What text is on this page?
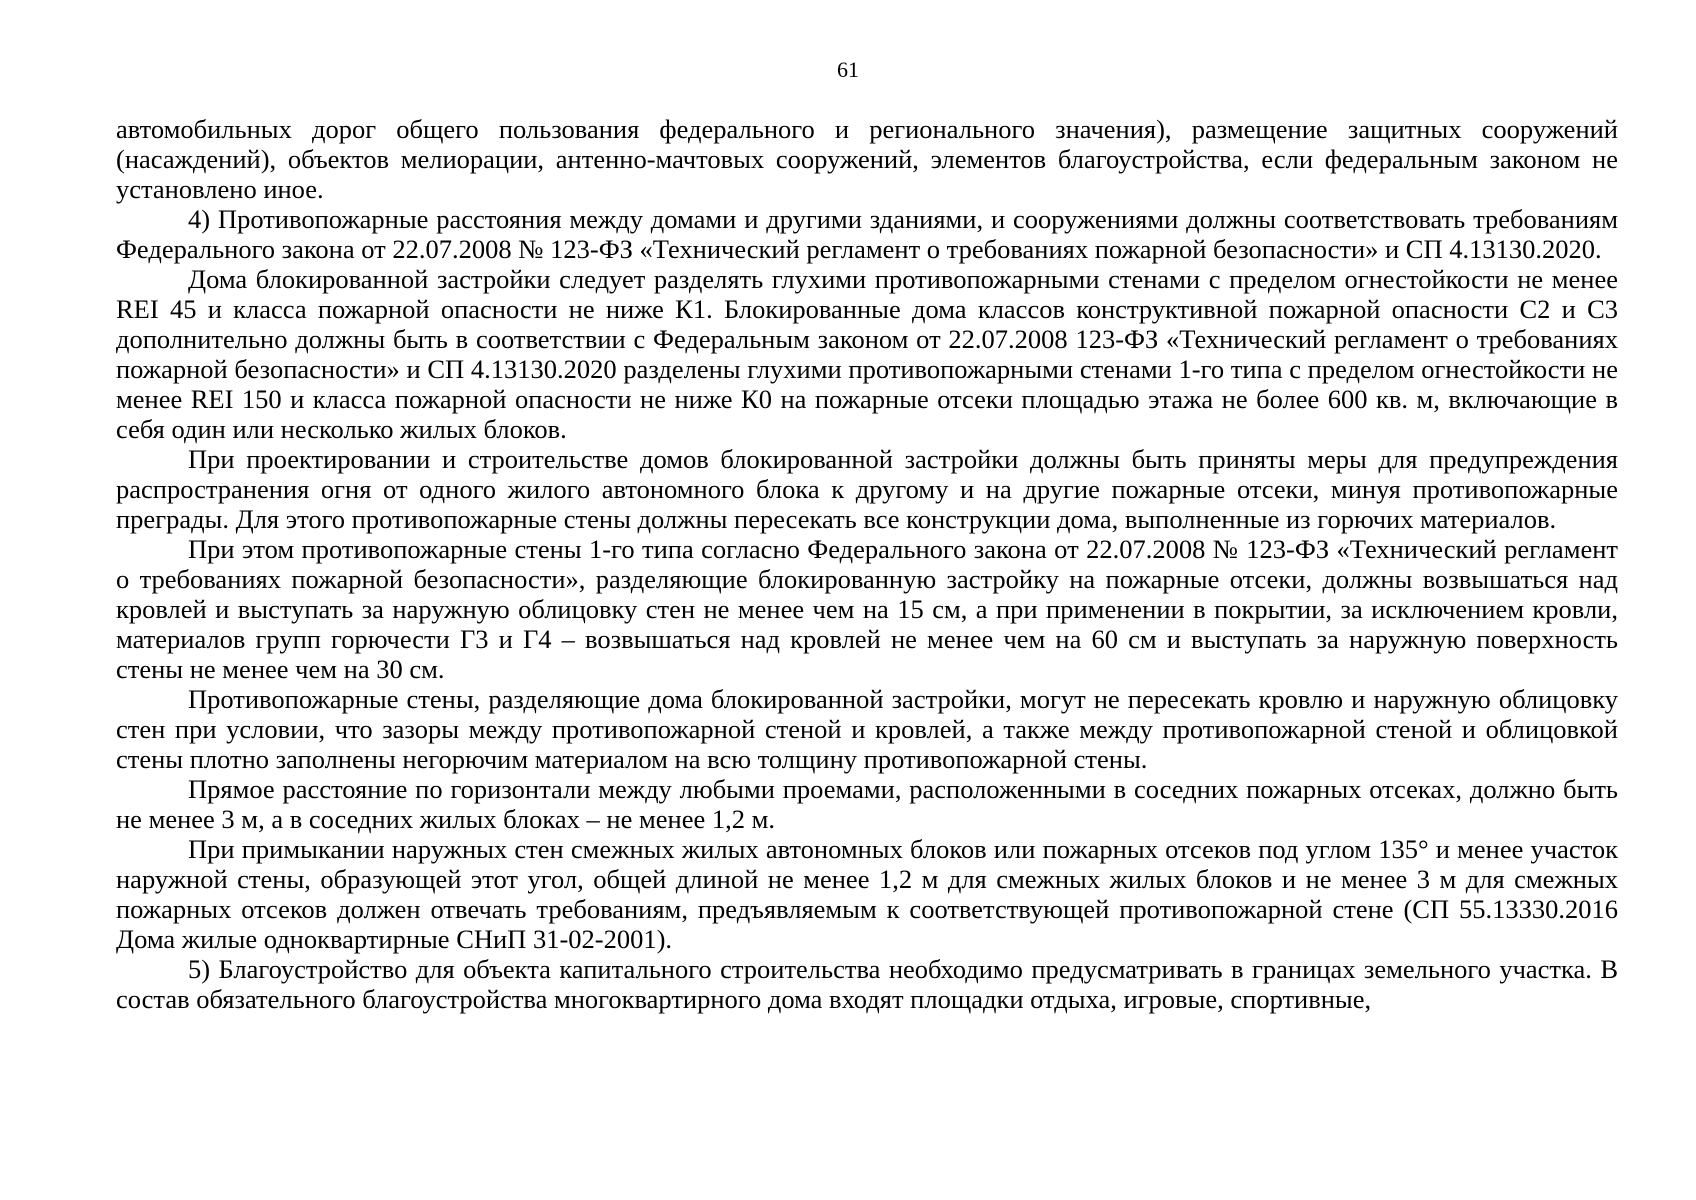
61

автомобильных дорог общего пользования федерального и регионального значения), размещение защитных сооружений (насаждений), объектов мелиорации, антенно-мачтовых сооружений, элементов благоустройства, если федеральным законом не установлено иное.

4) Противопожарные расстояния между домами и другими зданиями, и сооружениями должны соответствовать требованиям Федерального закона от 22.07.2008 № 123-ФЗ «Технический регламент о требованиях пожарной безопасности» и СП 4.13130.2020.

Дома блокированной застройки следует разделять глухими противопожарными стенами с пределом огнестойкости не менее REI 45 и класса пожарной опасности не ниже К1. Блокированные дома классов конструктивной пожарной опасности С2 и С3 дополнительно должны быть в соответствии с Федеральным законом от 22.07.2008 123-ФЗ «Технический регламент о требованиях пожарной безопасности» и СП 4.13130.2020 разделены глухими противопожарными стенами 1-го типа с пределом огнестойкости не менее REI 150 и класса пожарной опасности не ниже К0 на пожарные отсеки площадью этажа не более 600 кв. м, включающие в себя один или несколько жилых блоков.

При проектировании и строительстве домов блокированной застройки должны быть приняты меры для предупреждения распространения огня от одного жилого автономного блока к другому и на другие пожарные отсеки, минуя противопожарные преграды. Для этого противопожарные стены должны пересекать все конструкции дома, выполненные из горючих материалов.

При этом противопожарные стены 1-го типа согласно Федерального закона от 22.07.2008 № 123-ФЗ «Технический регламент о требованиях пожарной безопасности», разделяющие блокированную застройку на пожарные отсеки, должны возвышаться над кровлей и выступать за наружную облицовку стен не менее чем на 15 см, а при применении в покрытии, за исключением кровли, материалов групп горючести Г3 и Г4 – возвышаться над кровлей не менее чем на 60 см и выступать за наружную поверхность стены не менее чем на 30 см.

Противопожарные стены, разделяющие дома блокированной застройки, могут не пересекать кровлю и наружную облицовку стен при условии, что зазоры между противопожарной стеной и кровлей, а также между противопожарной стеной и облицовкой стены плотно заполнены негорючим материалом на всю толщину противопожарной стены.

Прямое расстояние по горизонтали между любыми проемами, расположенными в соседних пожарных отсеках, должно быть не менее 3 м, а в соседних жилых блоках – не менее 1,2 м.

При примыкании наружных стен смежных жилых автономных блоков или пожарных отсеков под углом 135° и менее участок наружной стены, образующей этот угол, общей длиной не менее 1,2 м для смежных жилых блоков и не менее 3 м для смежных пожарных отсеков должен отвечать требованиям, предъявляемым к соответствующей противопожарной стене (СП 55.13330.2016 Дома жилые одноквартирные СНиП 31-02-2001).

5) Благоустройство для объекта капитального строительства необходимо предусматривать в границах земельного участка. В состав обязательного благоустройства многоквартирного дома входят площадки отдыха, игровые, спортивные,
